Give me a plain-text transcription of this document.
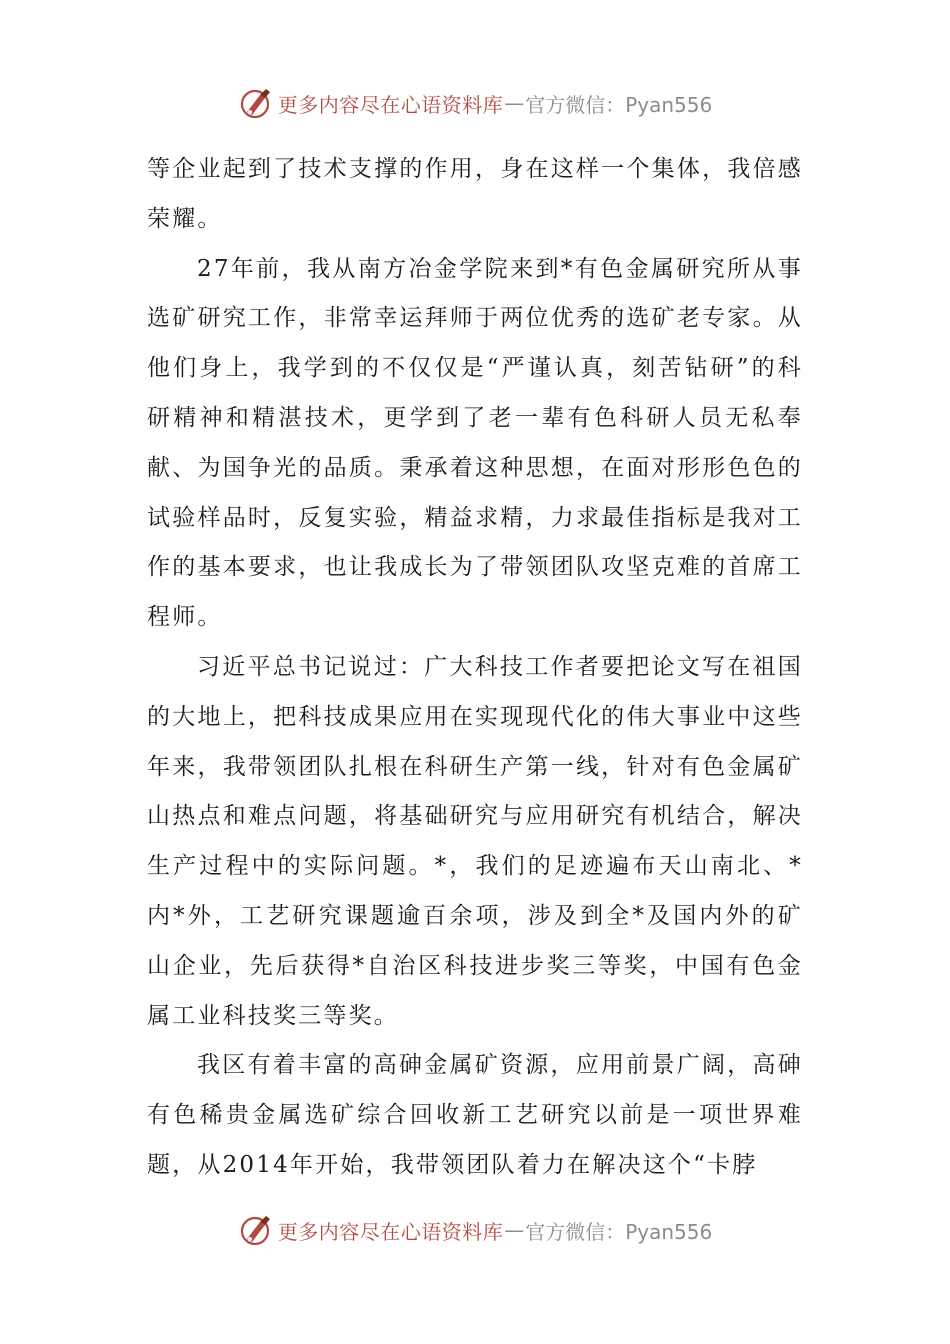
更多内容尽在心语资料库 — 官方微信：Pyan556

等企业起到了技术支撑的作用，身在这样一个集体，我倍感荣耀。

27年前，我从南方冶金学院来到*有色金属研究所从事选矿研究工作，非常幸运拜师于两位优秀的选矿老专家。从他们身上，我学到的不仅仅是“严谨认真，刻苦钻研”的科研精神和精湛技术，更学到了老一辈有色科研人员无私奉献、为国争光的品质。秉承着这种思想，在面对形形色色的试验样品时，反复实验，精益求精，力求最佳指标是我对工作的基本要求，也让我成长为了带领团队攻坚克难的首席工程师。

习近平总书记说过：广大科技工作者要把论文写在祖国的大地上，把科技成果应用在实现现代化的伟大事业中这些年来，我带领团队扎根在科研生产第一线，针对有色金属矿山热点和难点问题，将基础研究与应用研究有机结合，解决生产过程中的实际问题。*，我们的足迹遍布天山南北、*内*外，工艺研究课题逾百余项，涉及到全*及国内外的矿山企业，先后获得*自治区科技进步奖三等奖，中国有色金属工业科技奖三等奖。

我区有着丰富的高砷金属矿资源，应用前景广阔，高砷有色稀贵金属选矿综合回收新工艺研究以前是一项世界难题，从2014年开始，我带领团队着力在解决这个“卡脖

更多内容尽在心语资料库 — 官方微信：Pyan556
